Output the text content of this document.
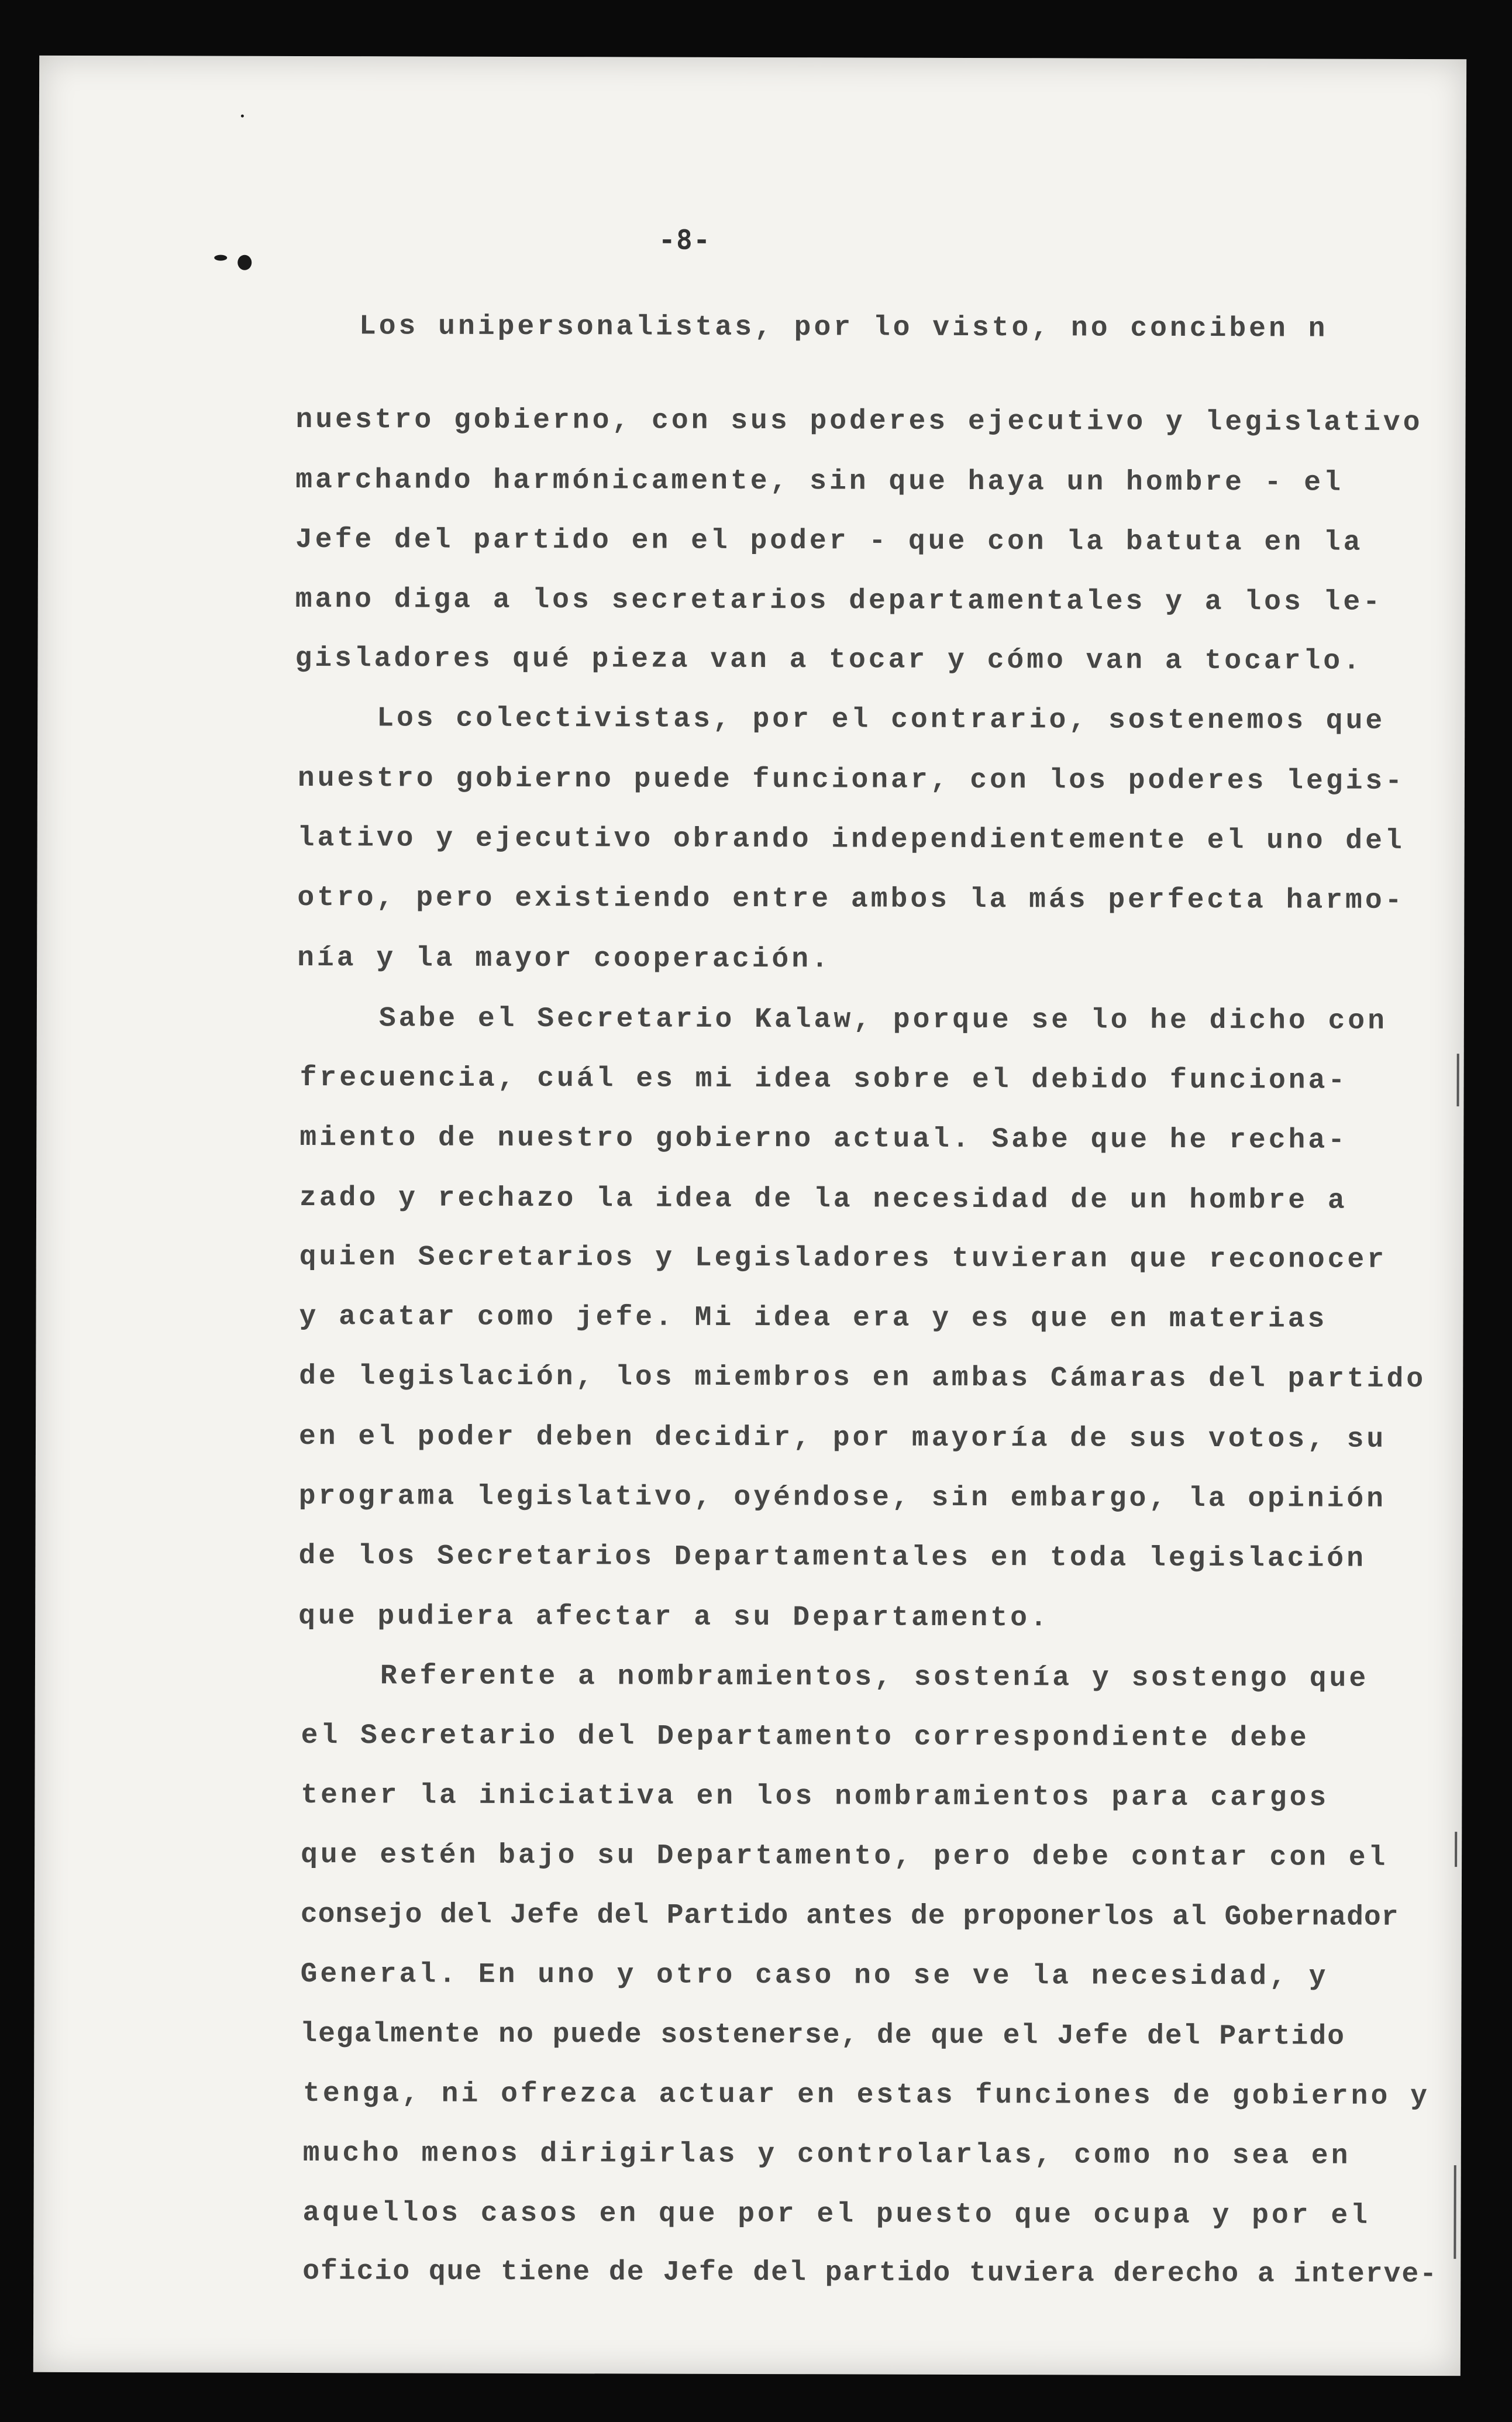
-8-
Los unipersonalistas, por lo visto, no conciben n
nuestro gobierno, con sus poderes ejecutivo y legislativo
marchando harmónicamente, sin que haya un hombre - el
Jefe del partido en el poder - que con la batuta en la
mano diga a los secretarios departamentales y a los le-
gisladores qué pieza van a tocar y cómo van a tocarlo.
Los colectivistas, por el contrario, sostenemos que
nuestro gobierno puede funcionar, con los poderes legis-
lativo y ejecutivo obrando independientemente el uno del
otro, pero existiendo entre ambos la más perfecta harmo-
nía y la mayor cooperación.
Sabe el Secretario Kalaw, porque se lo he dicho con
frecuencia, cuál es mi idea sobre el debido funciona-
miento de nuestro gobierno actual. Sabe que he recha-
zado y rechazo la idea de la necesidad de un hombre a
quien Secretarios y Legisladores tuvieran que reconocer
y acatar como jefe. Mi idea era y es que en materias
de legislación, los miembros en ambas Cámaras del partido
en el poder deben decidir, por mayoría de sus votos, su
programa legislativo, oyéndose, sin embargo, la opinión
de los Secretarios Departamentales en toda legislación
que pudiera afectar a su Departamento.
Referente a nombramientos, sostenía y sostengo que
el Secretario del Departamento correspondiente debe
tener la iniciativa en los nombramientos para cargos
que estén bajo su Departamento, pero debe contar con el
consejo del Jefe del Partido antes de proponerlos al Gobernador
General. En uno y otro caso no se ve la necesidad, y
legalmente no puede sostenerse, de que el Jefe del Partido
tenga, ni ofrezca actuar en estas funciones de gobierno y
mucho menos dirigirlas y controlarlas, como no sea en
aquellos casos en que por el puesto que ocupa y por el
oficio que tiene de Jefe del partido tuviera derecho a interve-
